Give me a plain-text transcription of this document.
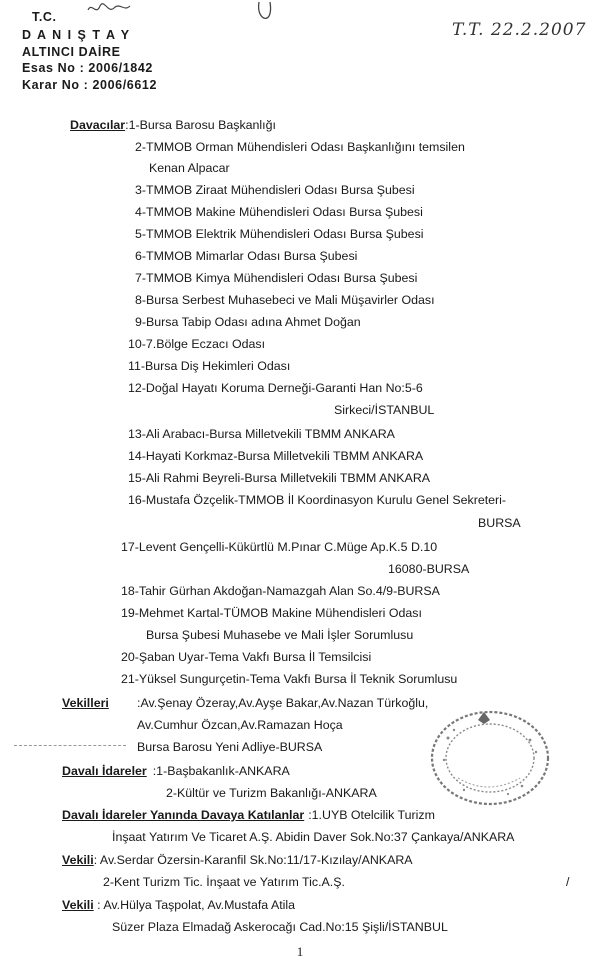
T.C.
D A N I Ş T A Y
ALTINCI DAİRE
Esas No : 2006/1842
Karar No : 2006/6612
T.T. 22.2.2007
Davacılar:1-Bursa Barosu Başkanlığı
2-TMMOB Orman Mühendisleri Odası Başkanlığını temsilen
Kenan Alpacar
3-TMMOB Ziraat Mühendisleri Odası Bursa Şubesi
4-TMMOB Makine Mühendisleri Odası Bursa Şubesi
5-TMMOB Elektrik Mühendisleri Odası Bursa Şubesi
6-TMMOB Mimarlar Odası Bursa Şubesi
7-TMMOB Kimya Mühendisleri Odası Bursa Şubesi
8-Bursa Serbest Muhasebeci ve Mali Müşavirler Odası
9-Bursa Tabip Odası adına Ahmet Doğan
10-7.Bölge Eczacı Odası
11-Bursa Diş Hekimleri Odası
12-Doğal Hayatı Koruma Derneği-Garanti Han No:5-6
Sirkeci/İSTANBUL
13-Ali Arabacı-Bursa Milletvekili TBMM ANKARA
14-Hayati Korkmaz-Bursa Milletvekili TBMM ANKARA
15-Ali Rahmi Beyreli-Bursa Milletvekili TBMM ANKARA
16-Mustafa Özçelik-TMMOB İl Koordinasyon Kurulu Genel Sekreteri-
BURSA
17-Levent Gençelli-Kükürtlü M.Pınar C.Müge Ap.K.5 D.10
16080-BURSA
18-Tahir Gürhan Akdoğan-Namazgah Alan So.4/9-BURSA
19-Mehmet Kartal-TÜMOB Makine Mühendisleri Odası
Bursa Şubesi Muhasebe ve Mali İşler Sorumlusu
20-Şaban Uyar-Tema Vakfı Bursa İl Temsilcisi
21-Yüksel Sungurçetin-Tema Vakfı Bursa İl Teknik Sorumlusu
Vekilleri :Av.Şenay Özeray,Av.Ayşe Bakar,Av.Nazan Türkoğlu,
Av.Cumhur Özcan,Av.Ramazan Hoça
Bursa Barosu Yeni Adliye-BURSA
Davalı İdareler :1-Başbakanlık-ANKARA
2-Kültür ve Turizm Bakanlığı-ANKARA
Davalı İdareler Yanında Davaya Katılanlar :1.UYB Otelcilik Turizm
İnşaat Yatırım Ve Ticaret A.Ş. Abidin Daver Sok.No:37 Çankaya/ANKARA
Vekili: Av.Serdar Özersin-Karanfil Sk.No:11/17-Kızılay/ANKARA
2-Kent Turizm Tic. İnşaat ve Yatırım Tic.A.Ş.	/
Vekili : Av.Hülya Taşpolat, Av.Mustafa Atila
Süzer Plaza Elmadağ Askerocağı Cad.No:15 Şişli/İSTANBUL
1
